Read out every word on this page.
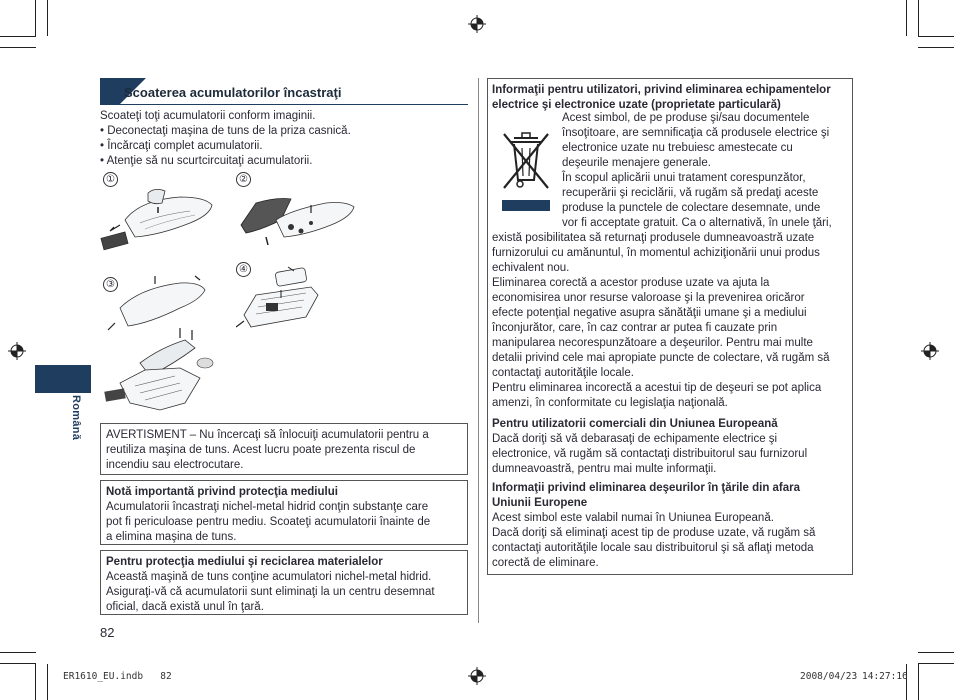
Română
Scoaterea acumulatorilor încastraţi
Scoateţi toţi acumulatorii conform imaginii.
• Deconectaţi maşina de tuns de la priza casnică.
• Încărcaţi complet acumulatorii.
• Atenţie să nu scurtcircuitaţi acumulatorii.
①	②
③
④
AVERTISMENT – Nu încercaţi să înlocuiţi acumulatorii pentru a
reutiliza maşina de tuns. Acest lucru poate prezenta riscul de
incendiu sau electrocutare.
Notă importantă privind protecţia mediului
Acumulatorii încastraţi nichel-metal hidrid conţin substanţe care
pot fi periculoase pentru mediu. Scoateţi acumulatorii înainte de
a elimina maşina de tuns.
Pentru protecţia mediului şi reciclarea materialelor
Această maşină de tuns conţine acumulatori nichel-metal hidrid.
Asiguraţi-vă că acumulatorii sunt eliminaţi la un centru desemnat
oficial, dacă există unul în ţară.
82
Informaţii pentru utilizatori, privind eliminarea echipamentelor
electrice şi electronice uzate (proprietate particulară)
Acest simbol, de pe produse şi/sau documentele
însoţitoare, are semnificaţia că produsele electrice şi
electronice uzate nu trebuiesc amestecate cu
deşeurile menajere generale.
În scopul aplicării unui tratament corespunzător,
recuperării şi reciclării, vă rugăm să predaţi aceste
produse la punctele de colectare desemnate, unde
vor fi acceptate gratuit. Ca o alternativă, în unele ţări,
există posibilitatea să returnaţi produsele dumneavoastră uzate
furnizorului cu amănuntul, în momentul achiziţionării unui produs
echivalent nou.
Eliminarea corectă a acestor produse uzate va ajuta la
economisirea unor resurse valoroase şi la prevenirea oricăror
efecte potenţial negative asupra sănătăţii umane şi a mediului
înconjurător, care, în caz contrar ar putea fi cauzate prin
manipularea necorespunzătoare a deşeurilor. Pentru mai multe
detalii privind cele mai apropiate puncte de colectare, vă rugăm să
contactaţi autorităţile locale.
Pentru eliminarea incorectă a acestui tip de deşeuri se pot aplica
amenzi, în conformitate cu legislaţia naţională.
Pentru utilizatorii comerciali din Uniunea Europeană
Dacă doriţi să vă debarasaţi de echipamente electrice şi
electronice, vă rugăm să contactaţi distribuitorul sau furnizorul
dumneavoastră, pentru mai multe informaţii.
Informaţii privind eliminarea deşeurilor în ţările din afara
Uniunii Europene
Acest simbol este valabil numai în Uniunea Europeană.
Dacă doriţi să eliminaţi acest tip de produse uzate, vă rugăm să
contactaţi autorităţile locale sau distribuitorul şi să aflaţi metoda
corectă de eliminare.
ER1610_EU.indb   82	2008/04/23 14:27:16
